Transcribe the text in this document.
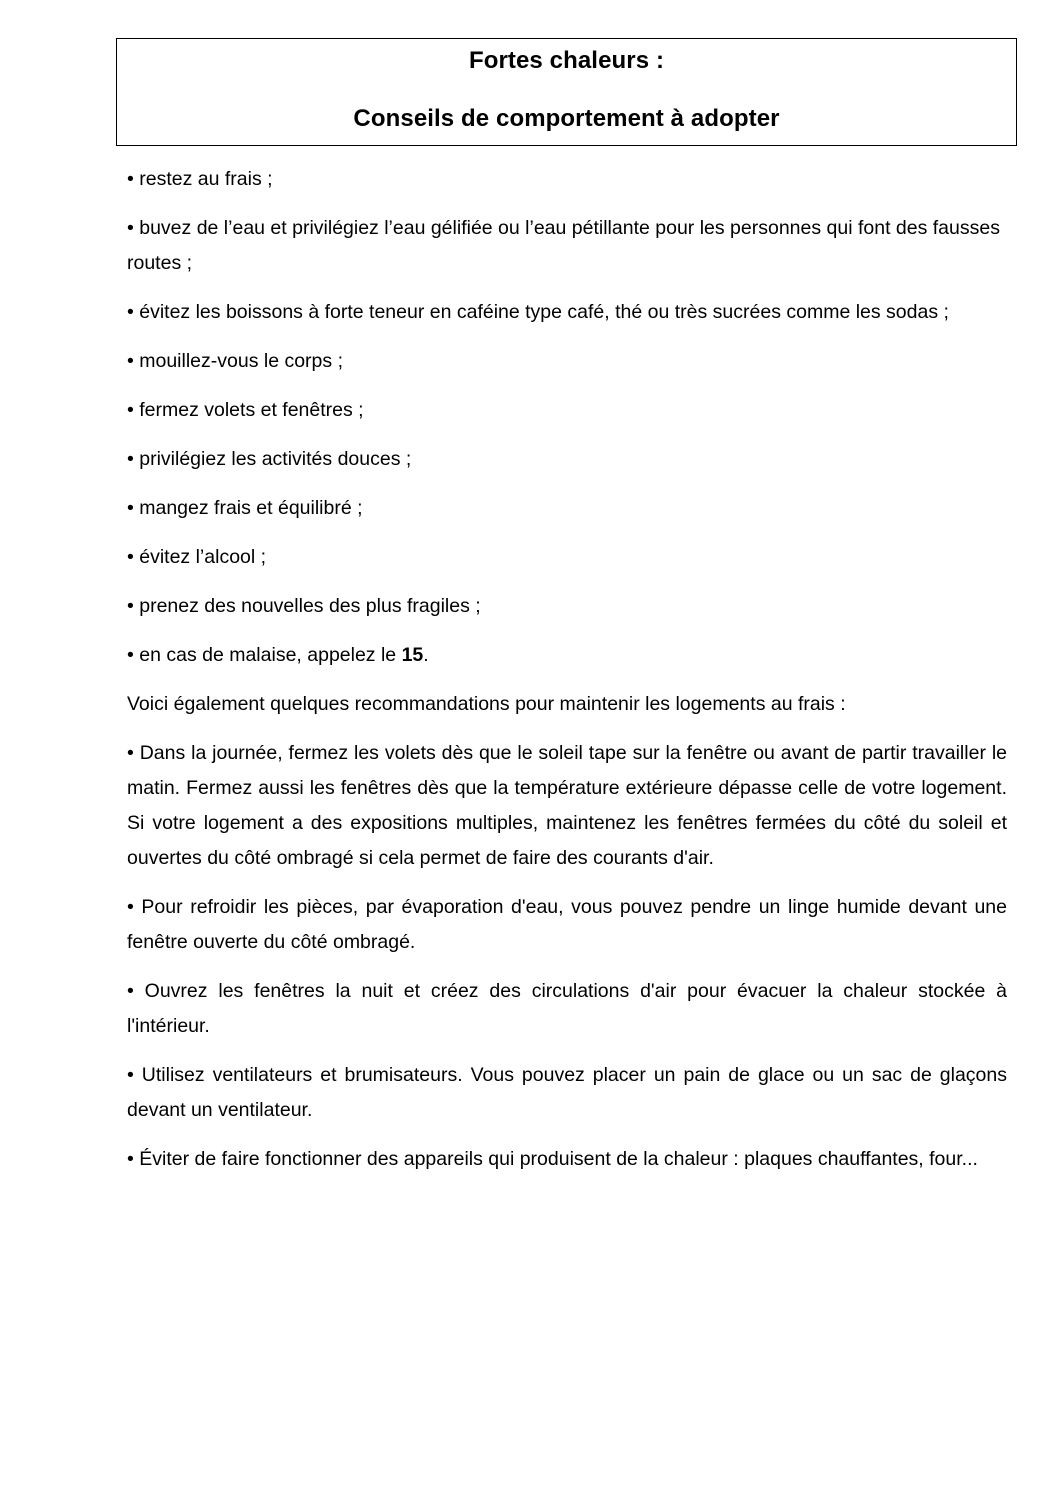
Fortes chaleurs :
Conseils de comportement à adopter

• restez au frais ;

• buvez de l’eau et privilégiez l’eau gélifiée ou l’eau pétillante pour les personnes qui font des fausses routes ;

• évitez les boissons à forte teneur en caféine type café, thé ou très sucrées comme les sodas ;

• mouillez-vous le corps ;

• fermez volets et fenêtres ;

• privilégiez les activités douces ;

• mangez frais et équilibré ;

• évitez l’alcool ;

• prenez des nouvelles des plus fragiles ;

• en cas de malaise, appelez le 15.

Voici également quelques recommandations pour maintenir les logements au frais :

• Dans la journée, fermez les volets dès que le soleil tape sur la fenêtre ou avant de partir travailler le matin. Fermez aussi les fenêtres dès que la température extérieure dépasse celle de votre logement. Si votre logement a des expositions multiples, maintenez les fenêtres fermées du côté du soleil et ouvertes du côté ombragé si cela permet de faire des courants d'air.

• Pour refroidir les pièces, par évaporation d'eau, vous pouvez pendre un linge humide devant une fenêtre ouverte du côté ombragé.

• Ouvrez les fenêtres la nuit et créez des circulations d'air pour évacuer la chaleur stockée à l'intérieur.

• Utilisez ventilateurs et brumisateurs. Vous pouvez placer un pain de glace ou un sac de glaçons devant un ventilateur.

• Éviter de faire fonctionner des appareils qui produisent de la chaleur : plaques chauffantes, four...
